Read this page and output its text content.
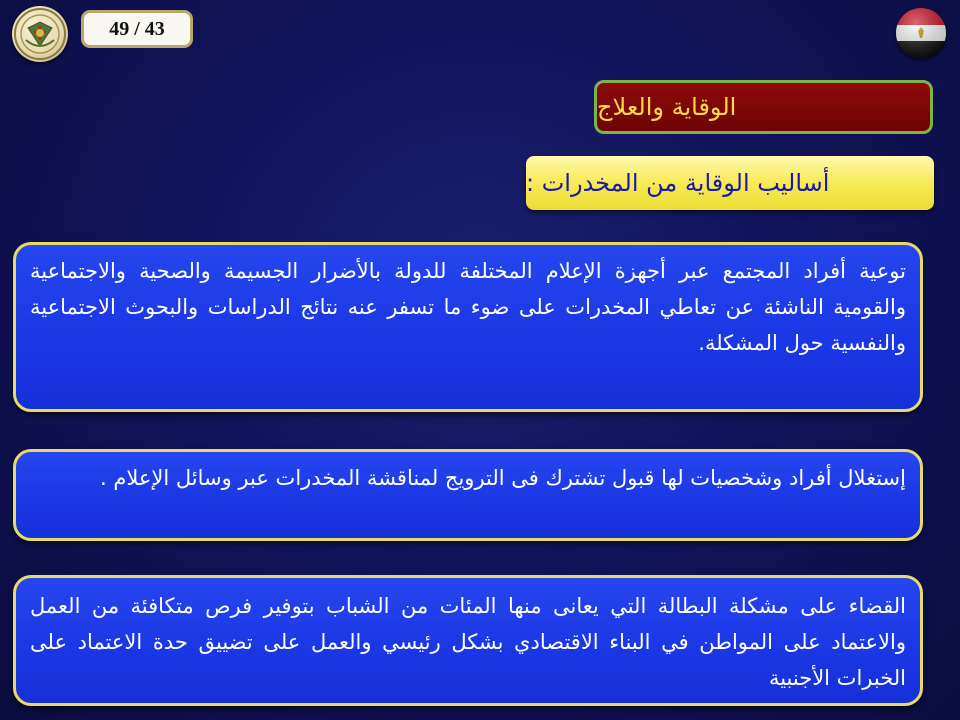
49 / 43
الوقاية والعلاج
أساليب الوقاية من المخدرات :
توعية أفراد المجتمع عبر أجهزة الإعلام المختلفة للدولة بالأضرار الجسيمة والصحية والاجتماعية والقومية الناشئة عن تعاطي المخدرات على ضوء ما تسفر عنه نتائج الدراسات والبحوث الاجتماعية والنفسية حول المشكلة.
إستغلال أفراد وشخصيات لها قبول تشترك فى الترويج لمناقشة المخدرات عبر وسائل الإعلام .
القضاء على مشكلة البطالة التي يعانى منها المئات من الشباب بتوفير فرص متكافئة من العمل والاعتماد على المواطن في البناء الاقتصادي بشكل رئيسي والعمل على تضييق حدة الاعتماد على الخبرات الأجنبية
